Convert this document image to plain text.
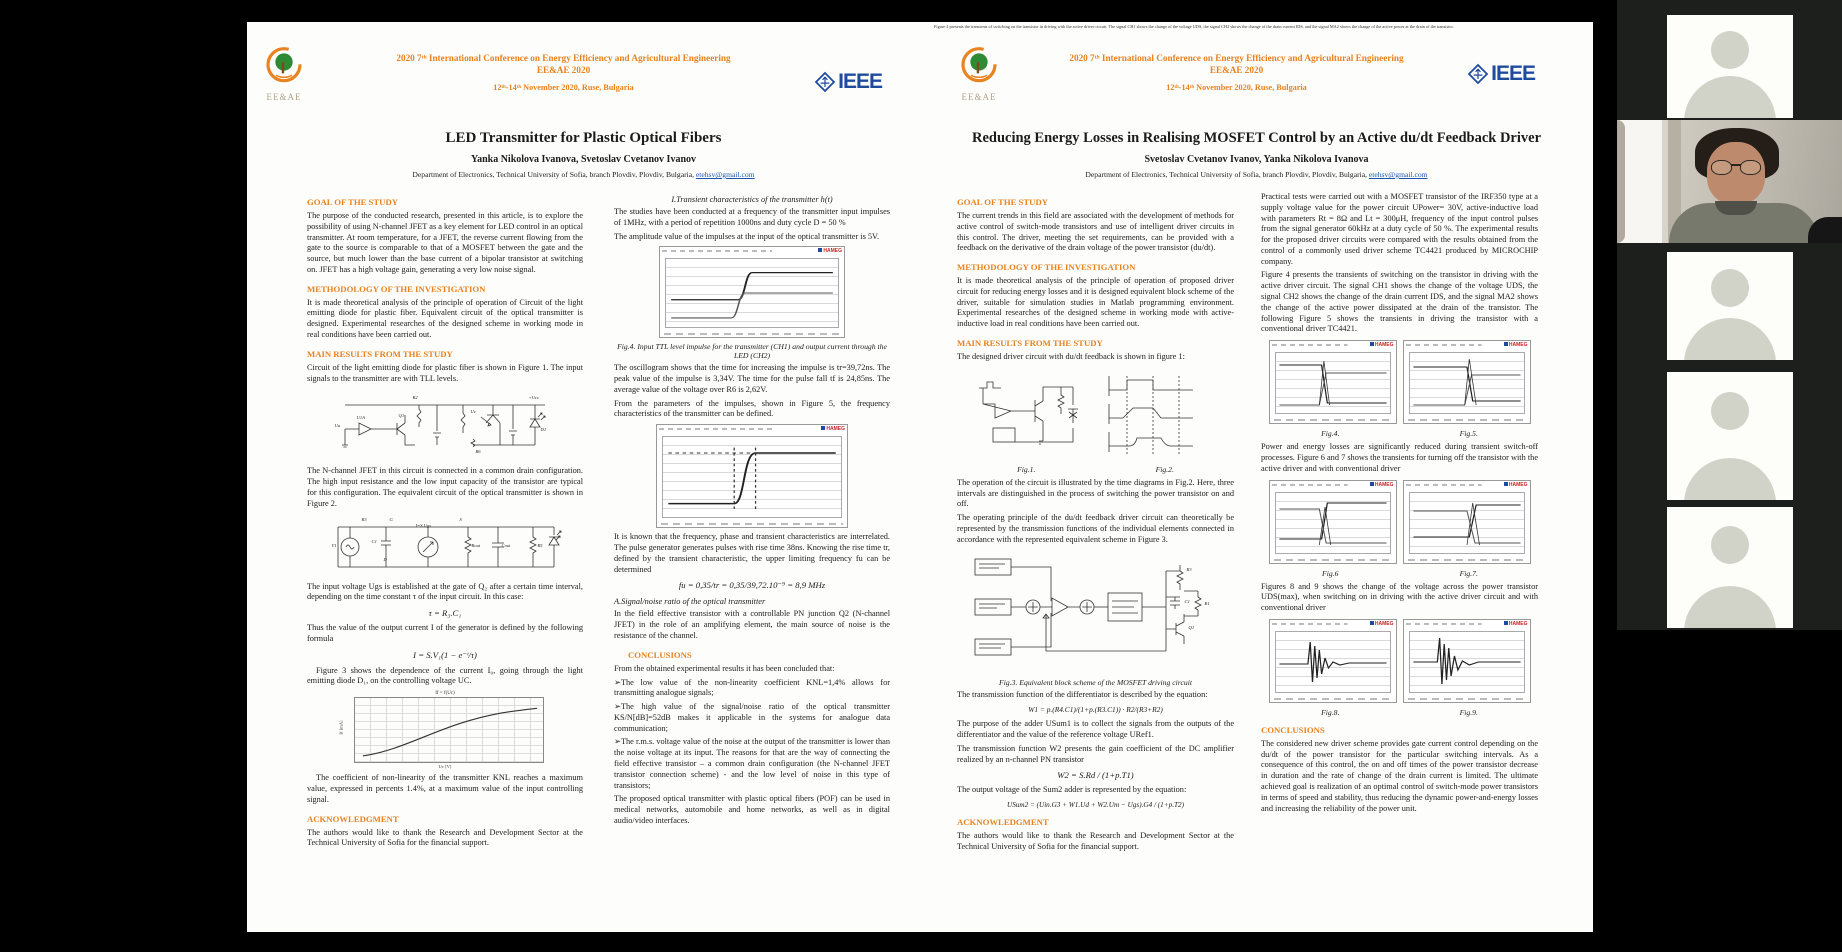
EE&AE
2020 7ᵗʰ International Conference on Energy Efficiency and Agricultural Engineering
EE&AE 2020
12ᵗʰ-14ᵗʰ November 2020, Ruse, Bulgaria	IEEE
LED Transmitter for Plastic Optical Fibers
Yanka Nikolova Ivanova, Svetoslav Cvetanov Ivanov
Department of Electronics, Technical University of Sofia, branch Plovdiv, Plovdiv, Bulgaria, etehsv@gmail.com
GOAL OF THE STUDY
The purpose of the conducted research, presented in this article, is to explore the possibility of using N-channel JFET as a key element for LED control in an optical transmitter. At room temperature, for a JFET, the reverse current flowing from the gate to the source is comparable to that of a MOSFET between the gate and the source, but much lower than the base current of a bipolar transistor at switching on. JFET has a high voltage gain, generating a very low noise signal.
METHODOLOGY OF THE INVESTIGATION
It is made theoretical analysis of the principle of operation of Circuit of the light emitting diode for plastic fiber. Equivalent circuit of the optical transmitter is designed. Experimental researches of the designed scheme in working mode in real conditions have been carried out.
MAIN RESULTS FROM THE STUDY
Circuit of the light emitting diode for plastic fiber is shown in Figure 1. The input signals to the transmitter are with TLL levels.
Ua
U1A	Q1
R2
Uc
+Ucc
D1
R6
The N-channel JFET in this circuit is connected in a common drain configuration. The high input resistance and the low input capacity of the transistor are typical for this configuration. The equivalent circuit of the optical transmitter is shown in Figure 2.
R3	G	S
I=S.Ugs
V1
C1
D
Rout	Cout	R5
The input voltage Ugs is established at the gate of Q₂ after a certain time interval, depending on the time constant τ of the input circuit. In this case:
τ = R₃.C₁
Thus the value of the output current I of the generator is defined by the following formula
I = S.V₁(1 − e⁻ᵗ/τ)
Figure 3 shows the dependence of the current I₀, going through the light emitting diode D₁, on the controlling voltage UC.
If = f(Uc)
If [mA]
Uc [V]
The coefficient of non-linearity of the transmitter KNL reaches a maximum value, expressed in percents 1.4%, at a maximum value of the input controlling signal.
ACKNOWLEDGMENT
The authors would like to thank the Research and Development Sector at the Technical University of Sofia for the financial support.
I.Transient characteristics of the transmitter h(t)
The studies have been conducted at a frequency of the transmitter input impulses of 1MHz, with a period of repetition 1000ns and duty cycle D = 50 %
The amplitude value of the impulses at the input of the optical transmitter is 5V.
HAMEG
Fig.4. Input TTL level impulse for the transmitter (CH1) and output current through the LED (CH2)
The oscillogram shows that the time for increasing the impulse is tr=39,72ns. The peak value of the impulse is 3,34V. The time for the pulse fall tf is 24,85ns. The average value of the voltage over R6 is 2,62V.
From the parameters of the impulses, shown in Figure 5, the frequency characteristics of the transmitter can be defined.
HAMEG
It is known that the frequency, phase and transient characteristics are interrelated. The pulse generator generates pulses with rise time 38ns. Knowing the rise time tr, defined by the transient characteristic, the upper limiting frequency fu can be determined
fu = 0,35/tr = 0,35/39,72.10⁻⁹ = 8,9 MHz
A.Signal/noise ratio of the optical transmitter
In the field effective transistor with a controllable PN junction Q2 (N-channel JFET) in the role of an amplifying element, the main source of noise is the resistance of the channel.
CONCLUSIONS
From the obtained experimental results it has been concluded that:
➢The low value of the non-linearity coefficient KNL=1,4% allows for transmitting analogue signals;
➢The high value of the signal/noise ratio of the optical transmitter KS/N[dB]=52dB makes it applicable in the systems for analogue data communication;
➢The r.m.s. voltage value of the noise at the output of the transmitter is lower than the noise voltage at its input. The reasons for that are the way of connecting the field effective transistor – a common drain configuration (the N-channel JFET transistor connection scheme) - and the low level of noise in this type of transistors;
The proposed optical transmitter with plastic optical fibers (POF) can be used in medical networks, automobile and home networks, as well as in digital audio/video interfaces.
Figure 4 presents the transients of switching on the transistor in driving with the active driver circuit. The signal CH1 shows the change of the voltage UDS, the signal CH2 shows the change of the drain current IDS, and the signal MA2 shows the change of the active power at the drain of the transistor.
EE&AE
2020 7ᵗʰ International Conference on Energy Efficiency and Agricultural Engineering
EE&AE 2020
12ᵗʰ-14ᵗʰ November 2020, Ruse, Bulgaria
IEEE
Reducing Energy Losses in Realising MOSFET Control by an Active du/dt Feedback Driver
Svetoslav Cvetanov Ivanov, Yanka Nikolova Ivanova
Department of Electronics, Technical University of Sofia, branch Plovdiv, Plovdiv, Bulgaria, etehsv@gmail.com
GOAL OF THE STUDY
The current trends in this field are associated with the development of methods for active control of switch-mode transistors and use of intelligent driver circuits in this control. The driver, meeting the set requirements, can be provided with a feedback on the derivative of the drain voltage of the power transistor (du/dt).
METHODOLOGY OF THE INVESTIGATION
It is made theoretical analysis of the principle of operation of proposed driver circuit for reducing energy losses and it is designed equivalent block scheme of the driver, suitable for simulation studies in Matlab programming environment. Experimental researches of the designed scheme in working mode with active-inductive load in real conditions have been carried out.
MAIN RESULTS FROM THE STUDY
The designed driver circuit with du/dt feedback is shown in figure 1:
Fig.1.	Fig.2.
The operation of the circuit is illustrated by the time diagrams in Fig.2. Here, three intervals are distinguished in the process of switching the power transistor on and off.
The operating principle of the du/dt feedback driver circuit can theoretically be represented by the transmission functions of the individual elements connected in accordance with the represented equivalent scheme in Figure 3.
Q1
R3
C1	R1
Fig.3. Equivalent block scheme of the MOSFET driving circuit
The transmission function of the differentiator is described by the equation:
W1 = p.(R4.C1)/(1+p.(R3.C1)) · R2/(R3+R2)
The purpose of the adder USum1 is to collect the signals from the outputs of the differentiator and the value of the reference voltage URef1.
The transmission function W2 presents the gain coefficient of the DC amplifier realized by an n-channel PN transistor
W2 = S.Rd / (1+p.T1)
The output voltage of the Sum2 adder is represented by the equation:
USum2 = (Uin.G3 + W1.Ud + W2.Um − Ugs).G4 / (1+p.T2)
ACKNOWLEDGMENT
The authors would like to thank the Research and Development Sector at the Technical University of Sofia for the financial support.
Practical tests were carried out with a MOSFET transistor of the IRF350 type at a supply voltage value for the power circuit UPower= 30V, active-inductive load with parameters Rt = 8Ω and Lt = 300μH, frequency of the input control pulses from the signal generator 60kHz at a duty cycle of 50 %. The experimental results for the proposed driver circuits were compared with the results obtained from the control of a commonly used driver scheme TC4421 produced by MICROCHIP company.
Figure 4 presents the transients of switching on the transistor in driving with the active driver circuit. The signal CH1 shows the change of the voltage UDS, the signal CH2 shows the change of the drain current IDS, and the signal MA2 shows the change of the active power dissipated at the drain of the transistor. The following Figure 5 shows the transients in driving the transistor with a conventional driver TC4421.
HAMEG	HAMEG
Fig.4.	Fig.5.
Power and energy losses are significantly reduced during transient switch-off processes. Figure 6 and 7 shows the transients for turning off the transistor with the active driver and with conventional driver
HAMEG	HAMEG
Fig.6	Fig.7.
Figures 8 and 9 shows the change of the voltage across the power transistor UDS(max), when switching on in driving with the active driver circuit and with conventional driver
HAMEG	HAMEG
Fig.8.	Fig.9.
CONCLUSIONS
The considered new driver scheme provides gate current control depending on the du/dt of the power transistor for the particular switching intervals. As a consequence of this control, the on and off times of the power transistor decrease in duration and the rate of change of the drain current is limited. The ultimate achieved goal is realization of an optimal control of switch-mode power transistors in terms of speed and stability, thus reducing the dynamic power-and-energy losses and increasing the reliability of the power unit.
